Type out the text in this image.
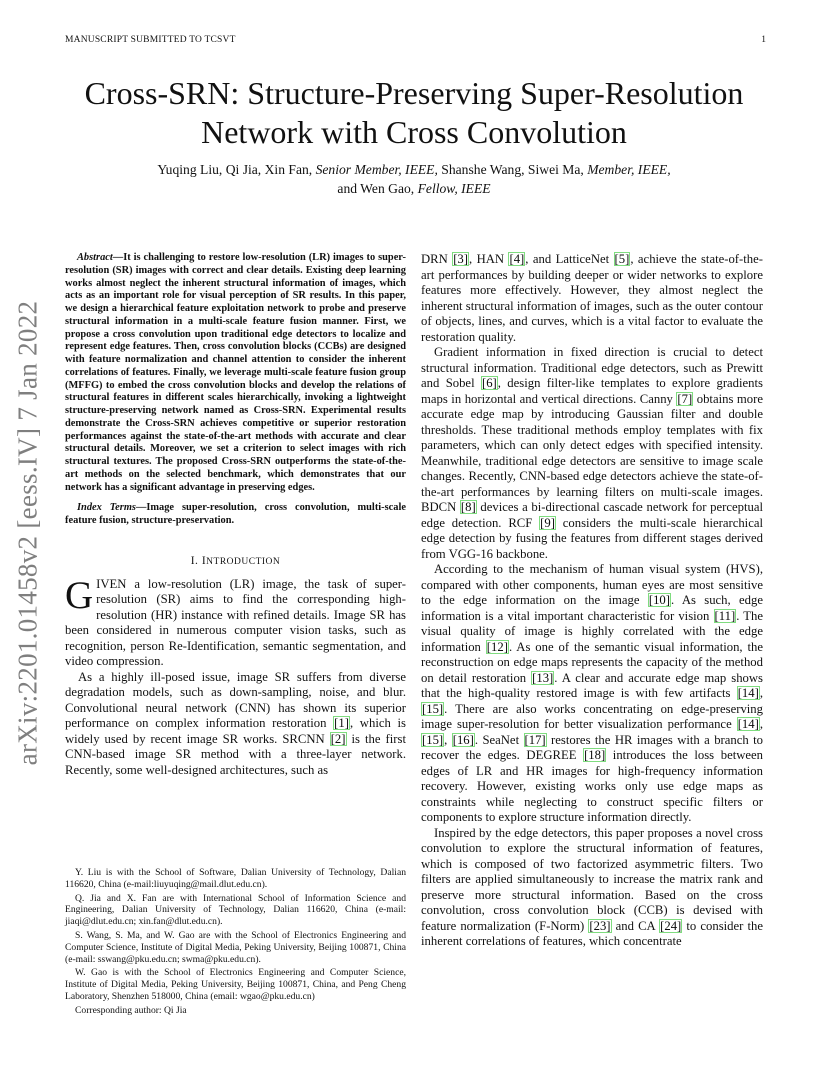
MANUSCRIPT SUBMITTED TO TCSVT	1
arXiv:2201.01458v2 [eess.IV] 7 Jan 2022
Cross-SRN: Structure-Preserving Super-Resolution
Network with Cross Convolution
Yuqing Liu, Qi Jia, Xin Fan, Senior Member, IEEE, Shanshe Wang, Siwei Ma, Member, IEEE,
and Wen Gao, Fellow, IEEE

Abstract—It is challenging to restore low-resolution (LR) images to super-resolution (SR) images with correct and clear details. Existing deep learning works almost neglect the inherent structural information of images, which acts as an important role for visual perception of SR results. In this paper, we design a hierarchical feature exploitation network to probe and preserve structural information in a multi-scale feature fusion manner. First, we propose a cross convolution upon traditional edge detectors to localize and represent edge features. Then, cross convolution blocks (CCBs) are designed with feature normalization and channel attention to consider the inherent correlations of features. Finally, we leverage multi-scale feature fusion group (MFFG) to embed the cross convolution blocks and develop the relations of structural features in different scales hierarchically, invoking a lightweight structure-preserving network named as Cross-SRN. Experimental results demonstrate the Cross-SRN achieves competitive or superior restoration performances against the state-of-the-art methods with accurate and clear structural details. Moreover, we set a criterion to select images with rich structural textures. The proposed Cross-SRN outperforms the state-of-the-art methods on the selected benchmark, which demonstrates that our network has a significant advantage in preserving edges.

Index Terms—Image super-resolution, cross convolution, multi-scale feature fusion, structure-preservation.

I. INTRODUCTION

GIVEN a low-resolution (LR) image, the task of super-resolution (SR) aims to find the corresponding high-resolution (HR) instance with refined details. Image SR has been considered in numerous computer vision tasks, such as recognition, person Re-Identification, semantic segmentation, and video compression.

As a highly ill-posed issue, image SR suffers from diverse degradation models, such as down-sampling, noise, and blur. Convolutional neural network (CNN) has shown its superior performance on complex information restoration [1], which is widely used by recent image SR works. SRCNN [2] is the first CNN-based image SR method with a three-layer network. Recently, some well-designed architectures, such as

Y. Liu is with the School of Software, Dalian University of Technology, Dalian 116620, China (e-mail:liuyuqing@mail.dlut.edu.cn).

Q. Jia and X. Fan are with International School of Information Science and Engineering, Dalian University of Technology, Dalian 116620, China (e-mail: jiaqi@dlut.edu.cn; xin.fan@dlut.edu.cn).

S. Wang, S. Ma, and W. Gao are with the School of Electronics Engineering and Computer Science, Institute of Digital Media, Peking University, Beijing 100871, China (e-mail: sswang@pku.edu.cn; swma@pku.edu.cn).

W. Gao is with the School of Electronics Engineering and Computer Science, Institute of Digital Media, Peking University, Beijing 100871, China, and Peng Cheng Laboratory, Shenzhen 518000, China (email: wgao@pku.edu.cn)

Corresponding author: Qi Jia

DRN [3], HAN [4], and LatticeNet [5], achieve the state-of-the-art performances by building deeper or wider networks to explore features more effectively. However, they almost neglect the inherent structural information of images, such as the outer contour of objects, lines, and curves, which is a vital factor to evaluate the restoration quality.

Gradient information in fixed direction is crucial to detect structural information. Traditional edge detectors, such as Prewitt and Sobel [6], design filter-like templates to explore gradients maps in horizontal and vertical directions. Canny [7] obtains more accurate edge map by introducing Gaussian filter and double thresholds. These traditional methods employ templates with fix parameters, which can only detect edges with specified intensity. Meanwhile, traditional edge detectors are sensitive to image scale changes. Recently, CNN-based edge detectors achieve the state-of-the-art performances by learning filters on multi-scale images. BDCN [8] devices a bi-directional cascade network for perceptual edge detection. RCF [9] considers the multi-scale hierarchical edge detection by fusing the features from different stages derived from VGG-16 backbone.

According to the mechanism of human visual system (HVS), compared with other components, human eyes are most sensitive to the edge information on the image [10]. As such, edge information is a vital important characteristic for vision [11]. The visual quality of image is highly correlated with the edge information [12]. As one of the semantic visual information, the reconstruction on edge maps represents the capacity of the method on detail restoration [13]. A clear and accurate edge map shows that the high-quality restored image is with few artifacts [14], [15]. There are also works concentrating on edge-preserving image super-resolution for better visualization performance [14], [15], [16]. SeaNet [17] restores the HR images with a branch to recover the edges. DEGREE [18] introduces the loss between edges of LR and HR images for high-frequency information recovery. However, existing works only use edge maps as constraints while neglecting to construct specific filters or components to explore structure information directly.

Inspired by the edge detectors, this paper proposes a novel cross convolution to explore the structural information of features, which is composed of two factorized asymmetric filters. Two filters are applied simultaneously to increase the matrix rank and preserve more structural information. Based on the cross convolution, cross convolution block (CCB) is devised with feature normalization (F-Norm) [23] and CA [24] to consider the inherent correlations of features, which concentrate
